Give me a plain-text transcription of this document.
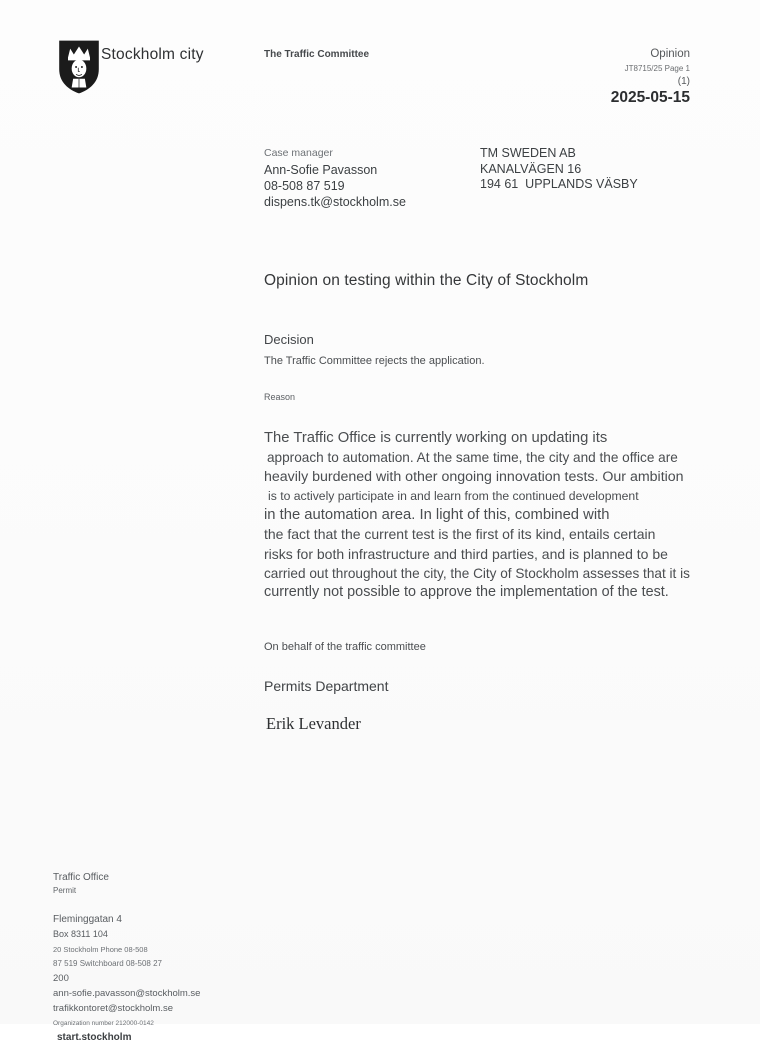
Stockholm city	The Traffic Committee	Opinion
JT8715/25 Page 1
(1)
2025-05-15
Case manager
Ann-Sofie Pavasson
08-508 87 519
dispens.tk@stockholm.se
TM SWEDEN AB
KANALVÄGEN 16
194 61  UPPLANDS VÄSBY
Opinion on testing within the City of Stockholm
Decision
The Traffic Committee rejects the application.
Reason
The Traffic Office is currently working on updating its
approach to automation. At the same time, the city and the office are
heavily burdened with other ongoing innovation tests. Our ambition
is to actively participate in and learn from the continued development
in the automation area. In light of this, combined with
the fact that the current test is the first of its kind, entails certain
risks for both infrastructure and third parties, and is planned to be
carried out throughout the city, the City of Stockholm assesses that it is
currently not possible to approve the implementation of the test.
On behalf of the traffic committee
Permits Department
Erik Levander
Traffic Office
Permit
Fleminggatan 4
Box 8311 104
20 Stockholm Phone 08-508
87 519 Switchboard 08-508 27
200
ann-sofie.pavasson@stockholm.se
trafikkontoret@stockholm.se
Organization number 212000-0142
start.stockholm
